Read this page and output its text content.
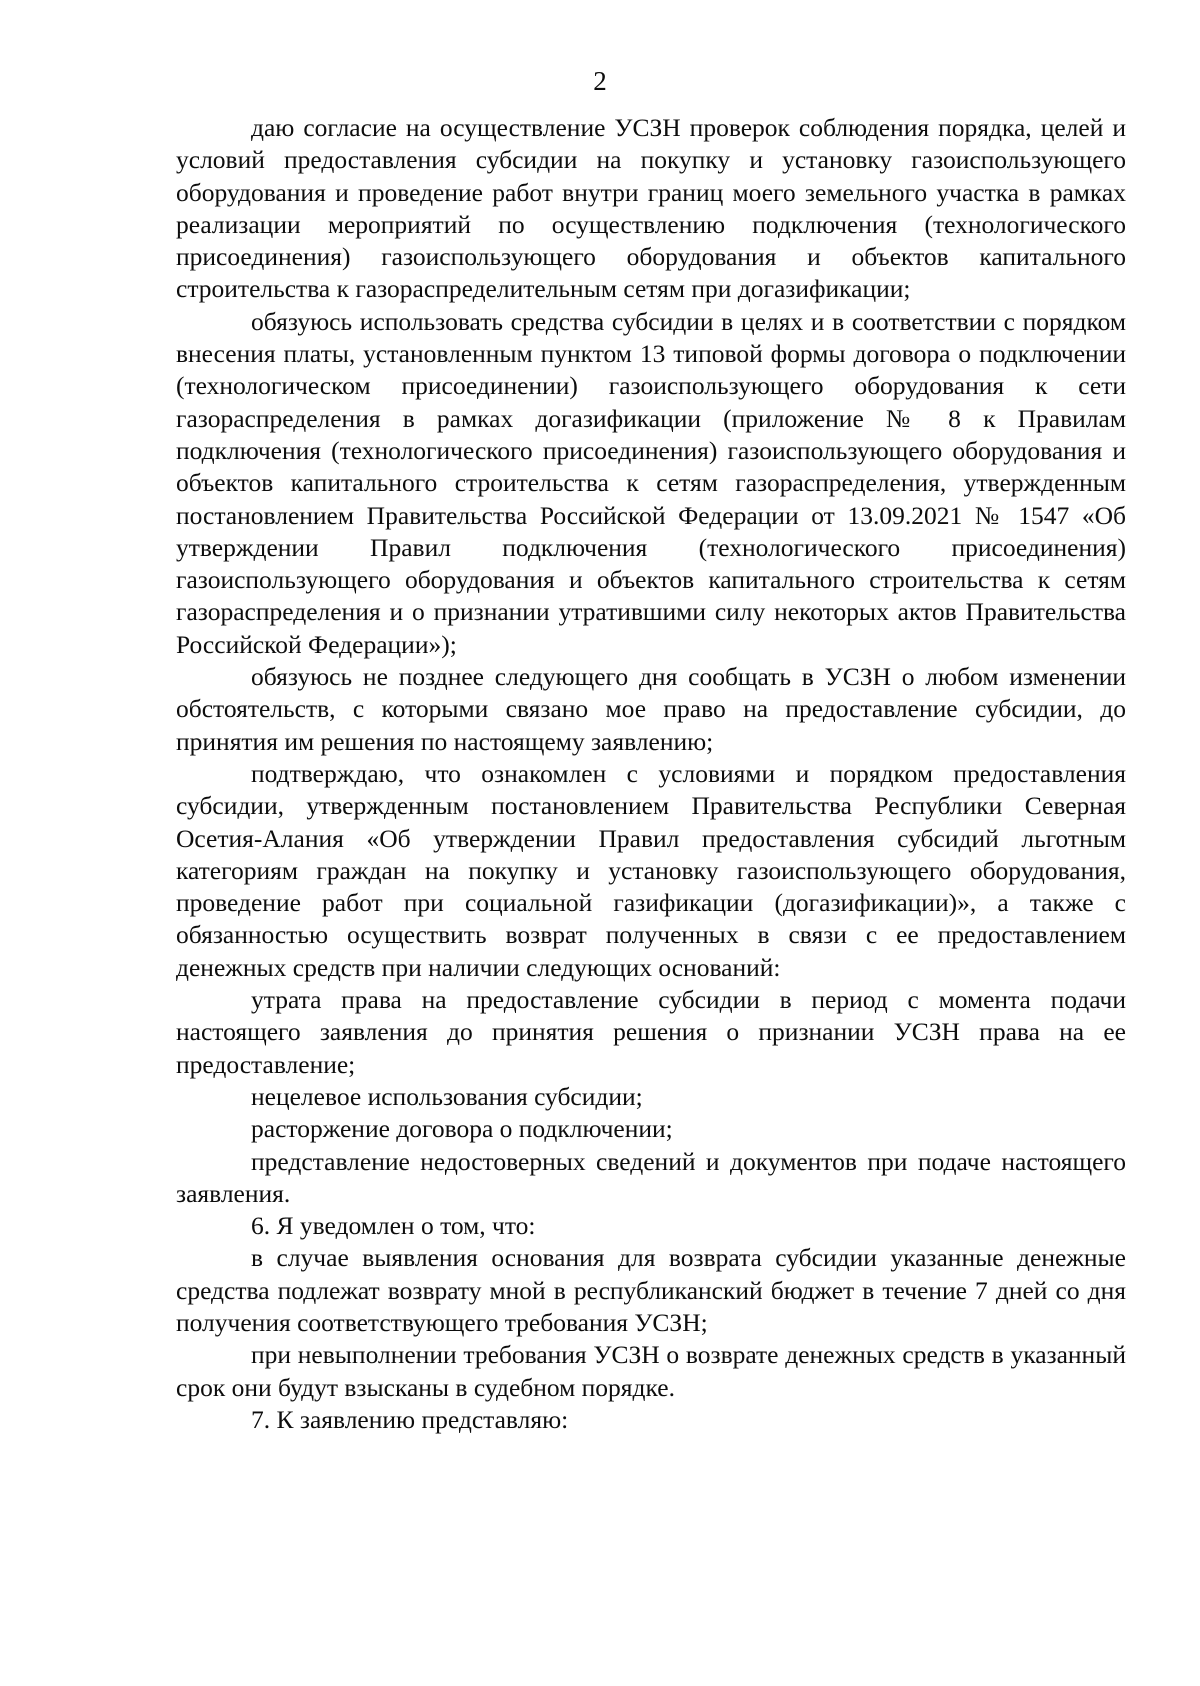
2

даю согласие на осуществление УСЗН проверок соблюдения порядка, целей и условий предоставления субсидии на покупку и установку газоиспользующего оборудования и проведение работ внутри границ моего земельного участка в рамках реализации мероприятий по осуществлению подключения (технологического присоединения) газоиспользующего оборудования и объектов капитального строительства к газораспределительным сетям при догазификации;

обязуюсь использовать средства субсидии в целях и в соответствии с порядком внесения платы, установленным пунктом 13 типовой формы договора о подключении (технологическом присоединении) газоиспользующего оборудования к сети газораспределения в рамках догазификации (приложение № 8 к Правилам подключения (технологического присоединения) газоиспользующего оборудования и объектов капитального строительства к сетям газораспределения, утвержденным постановлением Правительства Российской Федерации от 13.09.2021 № 1547 «Об утверждении Правил подключения (технологического присоединения) газоиспользующего оборудования и объектов капитального строительства к сетям газораспределения и о признании утратившими силу некоторых актов Правительства Российской Федерации»);

обязуюсь не позднее следующего дня сообщать в УСЗН о любом изменении обстоятельств, с которыми связано мое право на предоставление субсидии, до принятия им решения по настоящему заявлению;

подтверждаю, что ознакомлен с условиями и порядком предоставления субсидии, утвержденным постановлением Правительства Республики Северная Осетия-Алания «Об утверждении Правил предоставления субсидий льготным категориям граждан на покупку и установку газоиспользующего оборудования, проведение работ при социальной газификации (догазификации)», а также с обязанностью осуществить возврат полученных в связи с ее предоставлением денежных средств при наличии следующих оснований:

утрата права на предоставление субсидии в период с момента подачи настоящего заявления до принятия решения о признании УСЗН права на ее предоставление;

нецелевое использования субсидии;

расторжение договора о подключении;

представление недостоверных сведений и документов при подаче настоящего заявления.

6. Я уведомлен о том, что:

в случае выявления основания для возврата субсидии указанные денежные средства подлежат возврату мной в республиканский бюджет в течение 7 дней со дня получения соответствующего требования УСЗН;

при невыполнении требования УСЗН о возврате денежных средств в указанный срок они будут взысканы в судебном порядке.

7. К заявлению представляю:
